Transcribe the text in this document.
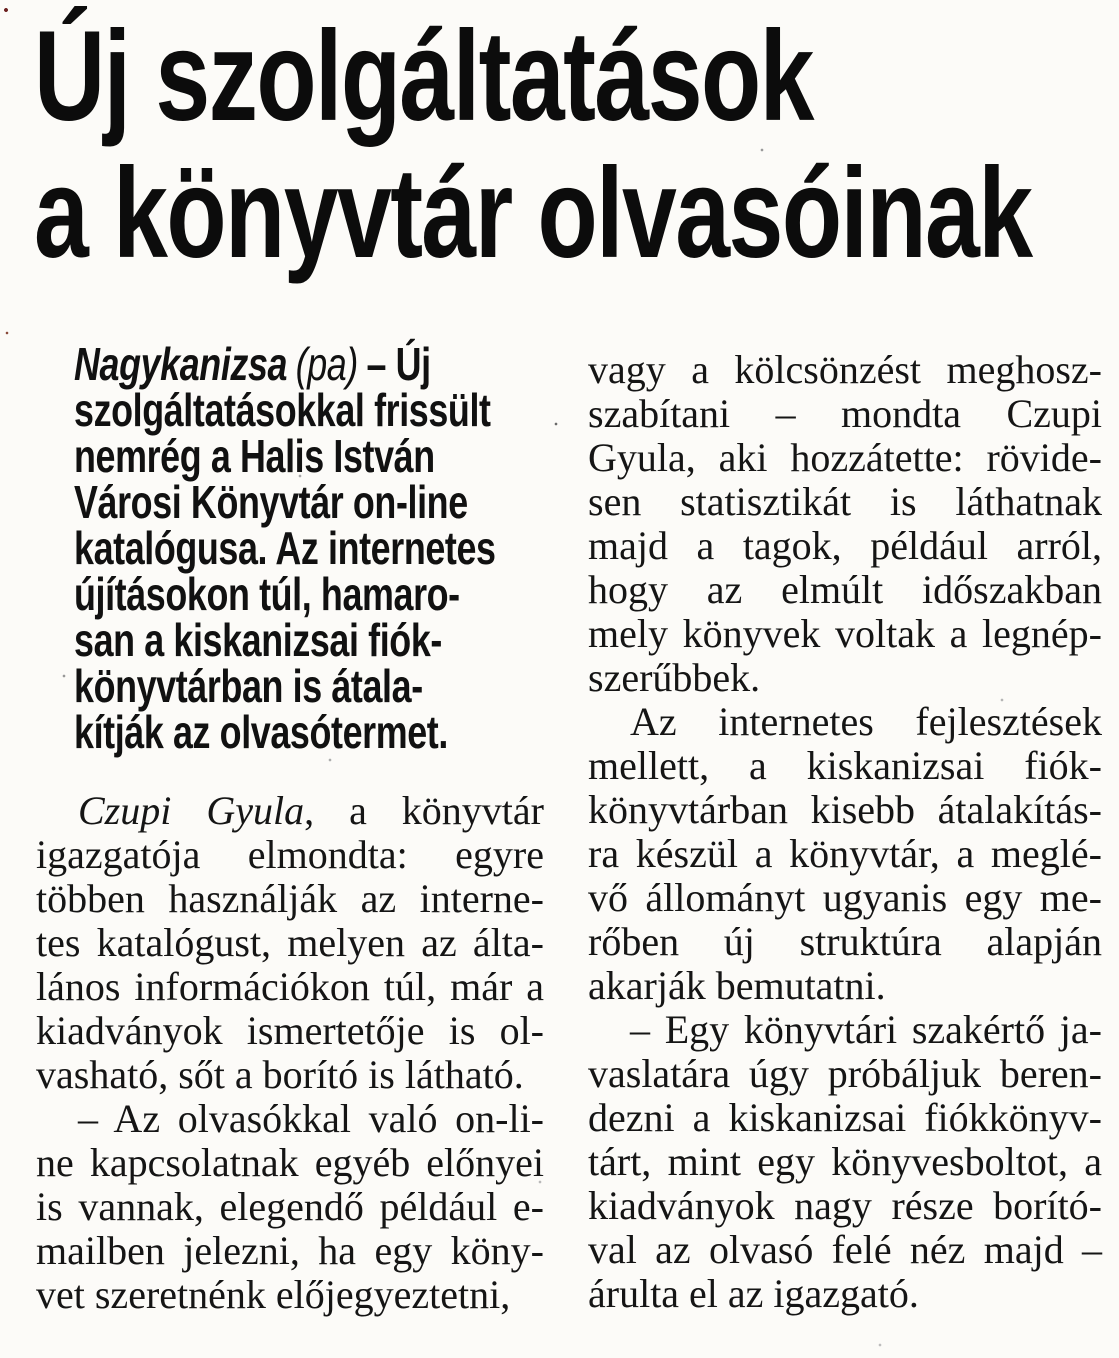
Új szolgáltatások
a könyvtár olvasóinak
Nagykanizsa (pa) – Új
szolgáltatásokkal frissült
nemrég a Halis István
Városi Könyvtár on-line
katalógusa. Az internetes
újításokon túl, hamaro-
san a kiskanizsai fiók-
könyvtárban is átala-
kítják az olvasótermet.
Czupi Gyula, a könyvtár
igazgatója elmondta: egyre
többen használják az interne-
tes katalógust, melyen az álta-
lános információkon túl, már a
kiadványok ismertetője is ol-
vasható, sőt a borító is látható.
– Az olvasókkal való on-li-
ne kapcsolatnak egyéb előnyei
is vannak, elegendő például e-
mailben jelezni, ha egy köny-
vet szeretnénk előjegyeztetni,
vagy a kölcsönzést meghosz-
szabítani – mondta Czupi
Gyula, aki hozzátette: rövide-
sen statisztikát is láthatnak
majd a tagok, például arról,
hogy az elmúlt időszakban
mely könyvek voltak a legnép-
szerűbbek.
Az internetes fejlesztések
mellett, a kiskanizsai fiók-
könyvtárban kisebb átalakítás-
ra készül a könyvtár, a meglé-
vő állományt ugyanis egy me-
rőben új struktúra alapján
akarják bemutatni.
– Egy könyvtári szakértő ja-
vaslatára úgy próbáljuk beren-
dezni a kiskanizsai fiókkönyv-
tárt, mint egy könyvesboltot, a
kiadványok nagy része borító-
val az olvasó felé néz majd –
árulta el az igazgató.
